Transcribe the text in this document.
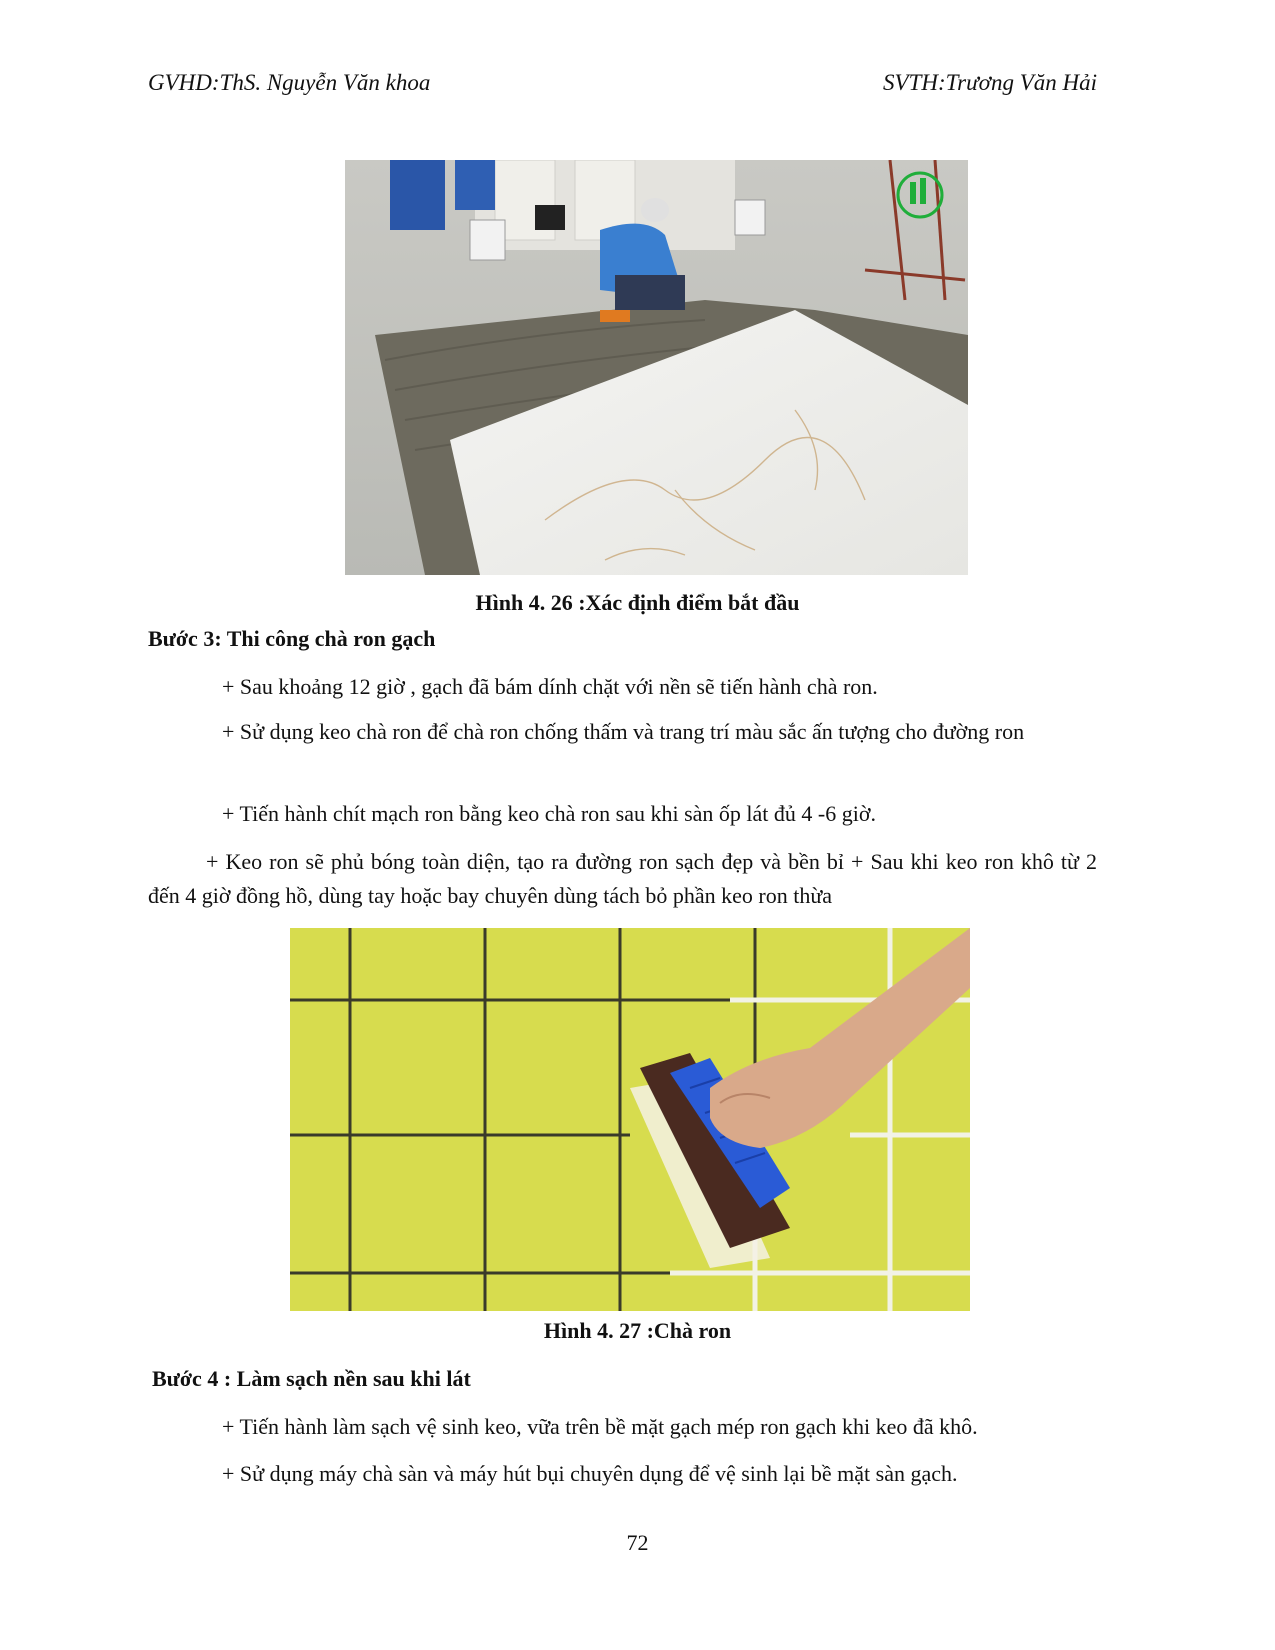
GVHD:ThS. Nguyễn Văn khoa	SVTH:Trương Văn Hải
Hình 4. 26 :Xác định điểm bắt đầu
Bước 3: Thi công chà ron gạch
+ Sau khoảng 12 giờ , gạch đã bám dính chặt với nền sẽ tiến hành chà ron.
+ Sử dụng keo chà ron để chà ron chống thấm và trang trí màu sắc ấn tượng cho đường ron
+ Tiến hành chít mạch ron bằng keo chà ron sau khi sàn ốp lát đủ 4 -6 giờ.
+ Keo ron sẽ phủ bóng toàn diện, tạo ra đường ron sạch đẹp và bền bỉ + Sau khi keo ron khô từ 2 đến 4 giờ đồng hồ, dùng tay hoặc bay chuyên dùng tách bỏ phần keo ron thừa
Hình 4. 27 :Chà ron
Bước 4 : Làm sạch nền sau khi lát
+ Tiến hành làm sạch vệ sinh keo, vữa trên bề mặt gạch mép ron gạch khi keo đã khô.
+ Sử dụng máy chà sàn và máy hút bụi chuyên dụng để vệ sinh lại bề mặt sàn gạch.
72
